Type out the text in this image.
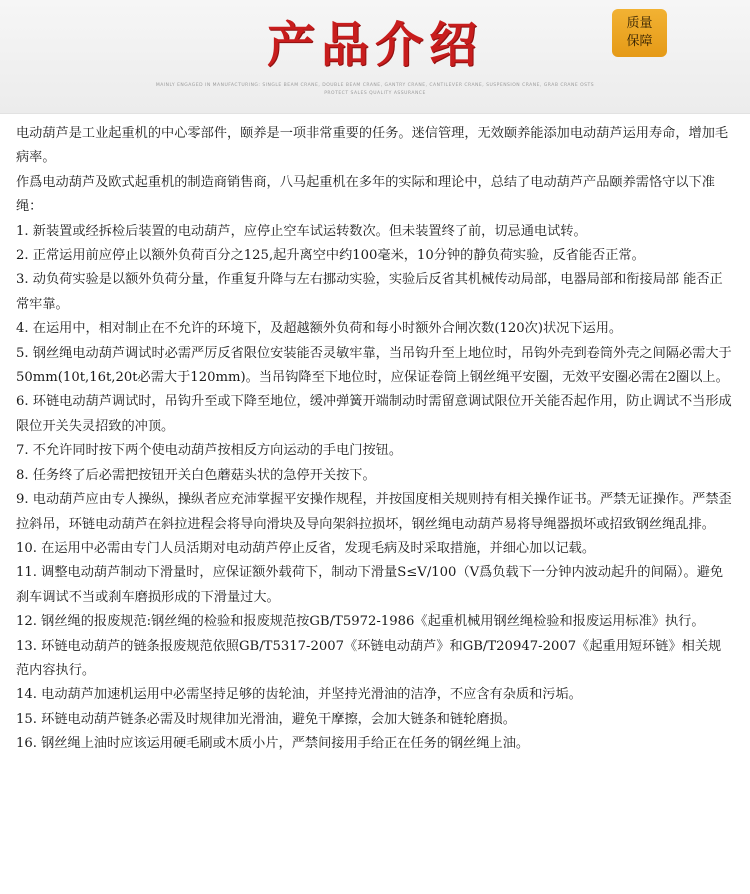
产品介绍
MAINLY ENGAGED IN MANUFACTURING: SINGLE BEAM CRANE, DOUBLE BEAM CRANE, GANTRY CRANE, CANTILEVER CRANE, SUSPENSION CRANE, GRAB CRANE OSTS PROTECT SALES QUALITY ASSURANCE
质量
保障

电动葫芦是工业起重机的中心零部件，颐养是一项非常重要的任务。迷信管理，无效颐养能添加电动葫芦运用寿命，增加毛病率。

作爲电动葫芦及欧式起重机的制造商销售商，八马起重机在多年的实际和理论中，总结了电动葫芦产品颐养需恪守以下准绳：

1. 新装置或经拆检后装置的电动葫芦，应停止空车试运转数次。但未装置终了前，切忌通电试转。

2. 正常运用前应停止以额外负荷百分之125,起升离空中约100毫米，10分钟的静负荷实验，反省能否正常。

3. 动负荷实验是以额外负荷分量，作重复升降与左右挪动实验，实验后反省其机械传动局部，电器局部和衔接局部 能否正常牢靠。

4. 在运用中，相对制止在不允许的环境下，及超越额外负荷和每小时额外合闸次数(120次)状况下运用。

5. 钢丝绳电动葫芦调试时必需严厉反省限位安装能否灵敏牢靠，当吊钩升至上地位时，吊钩外壳到卷筒外壳之间隔必需大于50mm(10t,16t,20t必需大于120mm)。当吊钩降至下地位时，应保证卷筒上钢丝绳平安圈，无效平安圈必需在2圈以上。

6. 环链电动葫芦调试时，吊钩升至或下降至地位，缓冲弹簧开端制动时需留意调试限位开关能否起作用，防止调试不当形成限位开关失灵招致的冲顶。

7. 不允许同时按下两个使电动葫芦按相反方向运动的手电门按钮。

8. 任务终了后必需把按钮开关白色蘑菇头状的急停开关按下。

9. 电动葫芦应由专人操纵，操纵者应充沛掌握平安操作规程，并按国度相关规则持有相关操作证书。严禁无证操作。严禁歪拉斜吊，环链电动葫芦在斜拉进程会将导向滑块及导向架斜拉损坏，钢丝绳电动葫芦易将导绳器损坏或招致钢丝绳乱排。

10. 在运用中必需由专门人员活期对电动葫芦停止反省，发现毛病及时采取措施，并细心加以记载。

11. 调整电动葫芦制动下滑量时，应保证额外载荷下，制动下滑量S≤V/100（V爲负载下一分钟内波动起升的间隔）。避免刹车调试不当或刹车磨损形成的下滑量过大。

12. 钢丝绳的报废规范:钢丝绳的检验和报废规范按GB/T5972-1986《起重机械用钢丝绳检验和报废运用标准》执行。

13. 环链电动葫芦的链条报废规范依照GB/T5317-2007《环链电动葫芦》和GB/T20947-2007《起重用短环链》相关规范内容执行。

14. 电动葫芦加速机运用中必需坚持足够的齿轮油，并坚持光滑油的洁净，不应含有杂质和污垢。

15. 环链电动葫芦链条必需及时规律加光滑油，避免干摩擦，会加大链条和链轮磨损。

16. 钢丝绳上油时应该运用硬毛刷或木质小片，严禁间接用手给正在任务的钢丝绳上油。
